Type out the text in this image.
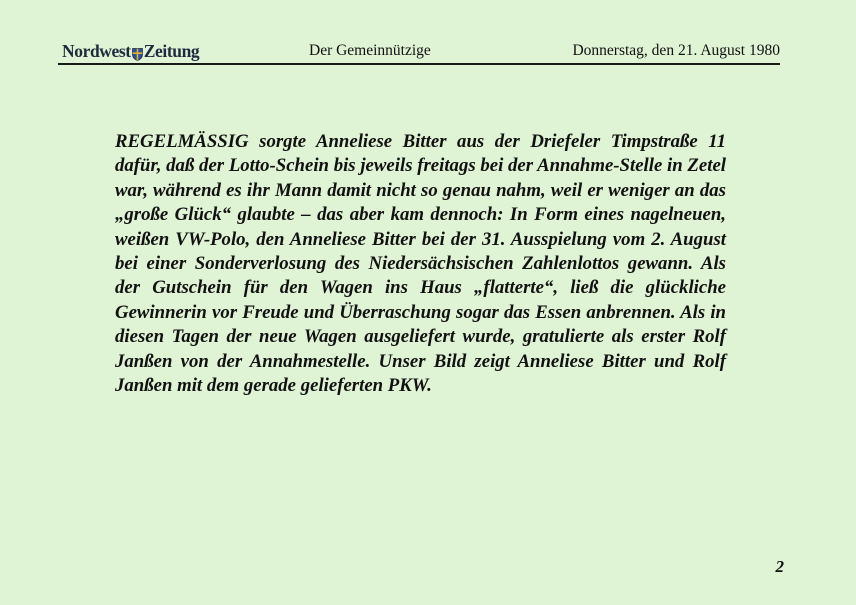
Nordwest Zeitung	Der Gemeinnützige	Donnerstag, den 21. August 1980

REGELMÄSSIG sorgte Anneliese Bitter aus der Driefeler Timpstraße 11 dafür, daß der Lotto-Schein bis jeweils freitags bei der Annahme-Stelle in Zetel war, während es ihr Mann damit nicht so genau nahm, weil er weniger an das „große Glück“ glaubte – das aber kam dennoch: In Form eines nagelneuen, weißen VW-Polo, den Anneliese Bitter bei der 31. Ausspielung vom 2. August bei einer Sonderverlosung des Niedersächsischen Zahlenlottos gewann. Als der Gutschein für den Wagen ins Haus „flatterte“, ließ die glückliche Gewinnerin vor Freude und Überraschung sogar das Essen anbrennen. Als in diesen Tagen der neue Wagen ausgeliefert wurde, gratulierte als erster Rolf Janßen von der Annahmestelle. Unser Bild zeigt Anneliese Bitter und Rolf Janßen mit dem gerade gelieferten PKW.

2
